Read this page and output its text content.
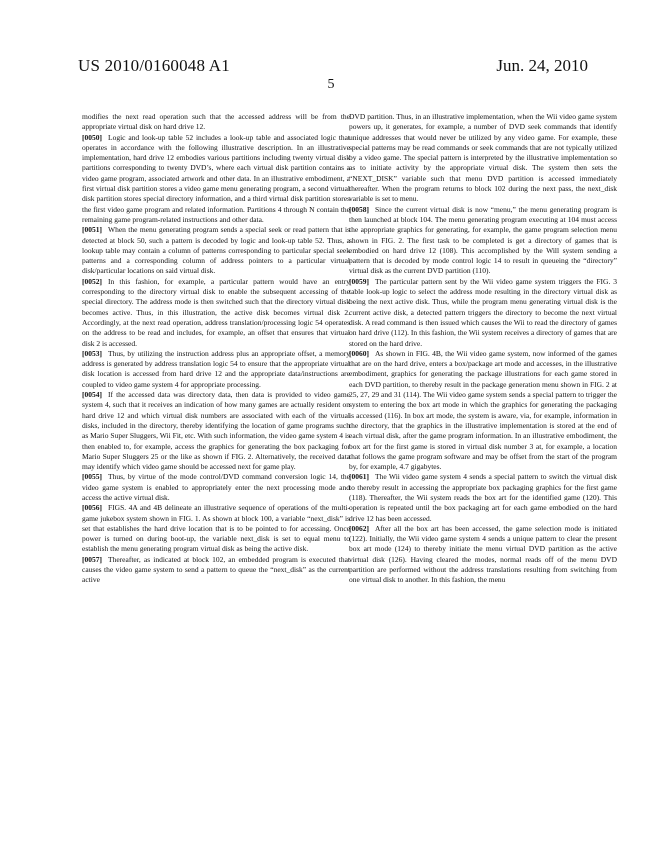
US 2010/0160048 A1	Jun. 24, 2010
5

modifies the next read operation such that the accessed address will be from the appropriate virtual disk on hard drive 12.

[0050] Logic and look-up table 52 includes a look-up table and associated logic that operates in accordance with the following illustrative description. In an illustrative implementation, hard drive 12 embodies various partitions including twenty virtual disk partitions corresponding to twenty DVD’s, where each virtual disk partition contains a video game program, associated artwork and other data. In an illustrative embodiment, a first virtual disk partition stores a video game menu generating program, a second virtual disk partition stores special directory information, and a third virtual disk partition stores the first video game program and related information. Partitions 4 through N contain the remaining game program-related instructions and other data.

[0051] When the menu generating program sends a special seek or read pattern that is detected at block 50, such a pattern is decoded by logic and look-up table 52. Thus, a lookup table may contain a column of patterns corresponding to particular special seek patterns and a corresponding column of address pointers to a particular virtual disk/particular locations on said virtual disk.

[0052] In this fashion, for example, a particular pattern would have an entry corresponding to the directory virtual disk to enable the subsequent accessing of the special directory. The address mode is then switched such that the directory virtual disk becomes active. Thus, in this illustration, the active disk becomes virtual disk 2. Accordingly, at the next read operation, address translation/processing logic 54 operates on the address to be read and includes, for example, an offset that ensures that virtual disk 2 is accessed.

[0053] Thus, by utilizing the instruction address plus an appropriate offset, a memory address is generated by address translation logic 54 to ensure that the appropriate virtual disk location is accessed from hard drive 12 and the appropriate data/instructions are coupled to video game system 4 for appropriate processing.

[0054] If the accessed data was directory data, then data is provided to video game system 4, such that it receives an indication of how many games are actually resident on hard drive 12 and which virtual disk numbers are associated with each of the virtual disks, included in the directory, thereby identifying the location of game programs such as Mario Super Sluggers, Wii Fit, etc. With such information, the video game system 4 is then enabled to, for example, access the graphics for generating the box packaging for Mario Super Sluggers 25 or the like as shown if FIG. 2. Alternatively, the received data may identify which video game should be accessed next for game play.

[0055] Thus, by virtue of the mode control/DVD command conversion logic 14, the video game system is enabled to appropriately enter the next processing mode and access the active virtual disk.

[0056] FIGS. 4A and 4B delineate an illustrative sequence of operations of the multi-game jukebox system shown in FIG. 1. As shown at block 100, a variable “next_disk” is set that establishes the hard drive location that is to be pointed to for accessing. Once power is turned on during boot-up, the variable next_disk is set to equal menu to establish the menu generating program virtual disk as being the active disk.

[0057] Thereafter, as indicated at block 102, an embedded program is executed that causes the video game system to send a pattern to queue the “next_disk” as the current active

DVD partition. Thus, in an illustrative implementation, when the Wii video game system powers up, it generates, for example, a number of DVD seek commands that identify unique addresses that would never be utilized by any video game. For example, these special patterns may be read commands or seek commands that are not typically utilized by a video game. The special pattern is interpreted by the illustrative implementation so as to initiate activity by the appropriate virtual disk. The system then sets the “NEXT_DISK” variable such that menu DVD partition is accessed immediately thereafter. When the program returns to block 102 during the next pass, the next_disk variable is set to menu.

[0058] Since the current virtual disk is now “menu,” the menu generating program is then launched at block 104. The menu generating program executing at 104 must access the appropriate graphics for generating, for example, the game program selection menu shown in FIG. 2. The first task to be completed is get a directory of games that is embodied on hard drive 12 (108). This accomplished by the Will system sending a pattern that is decoded by mode control logic 14 to result in queueing the “directory” virtual disk as the current DVD partition (110).

[0059] The particular pattern sent by the Wii video game system triggers the FIG. 3 table look-up logic to select the address mode resulting in the directory virtual disk as being the next active disk. Thus, while the program menu generating virtual disk is the current active disk, a detected pattern triggers the directory to become the next virtual disk. A read command is then issued which causes the Wii to read the directory of games on hard drive (112). In this fashion, the Wii system receives a directory of games that are stored on the hard drive.

[0060] As shown in FIG. 4B, the Wii video game system, now informed of the games that are on the hard drive, enters a box/package art mode and accesses, in the illustrative embodiment, graphics for generating the package illustrations for each game stored in each DVD partition, to thereby result in the package generation menu shown in FIG. 2 at 25, 27, 29 and 31 (114). The Wii video game system sends a special pattern to trigger the system to entering the box art mode in which the graphics for generating the packaging is accessed (116). In box art mode, the system is aware, via, for example, information in the directory, that the graphics in the illustrative implementation is stored at the end of each virtual disk, after the game program information. In an illustrative embodiment, the box art for the first game is stored in virtual disk number 3 at, for example, a location that follows the game program software and may be offset from the start of the program by, for example, 4.7 gigabytes.

[0061] The Wii video game system 4 sends a special pattern to switch the virtual disk to thereby result in accessing the appropriate box packaging graphics for the first game (118). Thereafter, the Wii system reads the box art for the identified game (120). This operation is repeated until the box packaging art for each game embodied on the hard drive 12 has been accessed.

[0062] After all the box art has been accessed, the game selection mode is initiated (122). Initially, the Wii video game system 4 sends a unique pattern to clear the present box art mode (124) to thereby initiate the menu virtual DVD partition as the active virtual disk (126). Having cleared the modes, normal reads off of the menu DVD partition are performed without the address translations resulting from switching from one virtual disk to another. In this fashion, the menu
